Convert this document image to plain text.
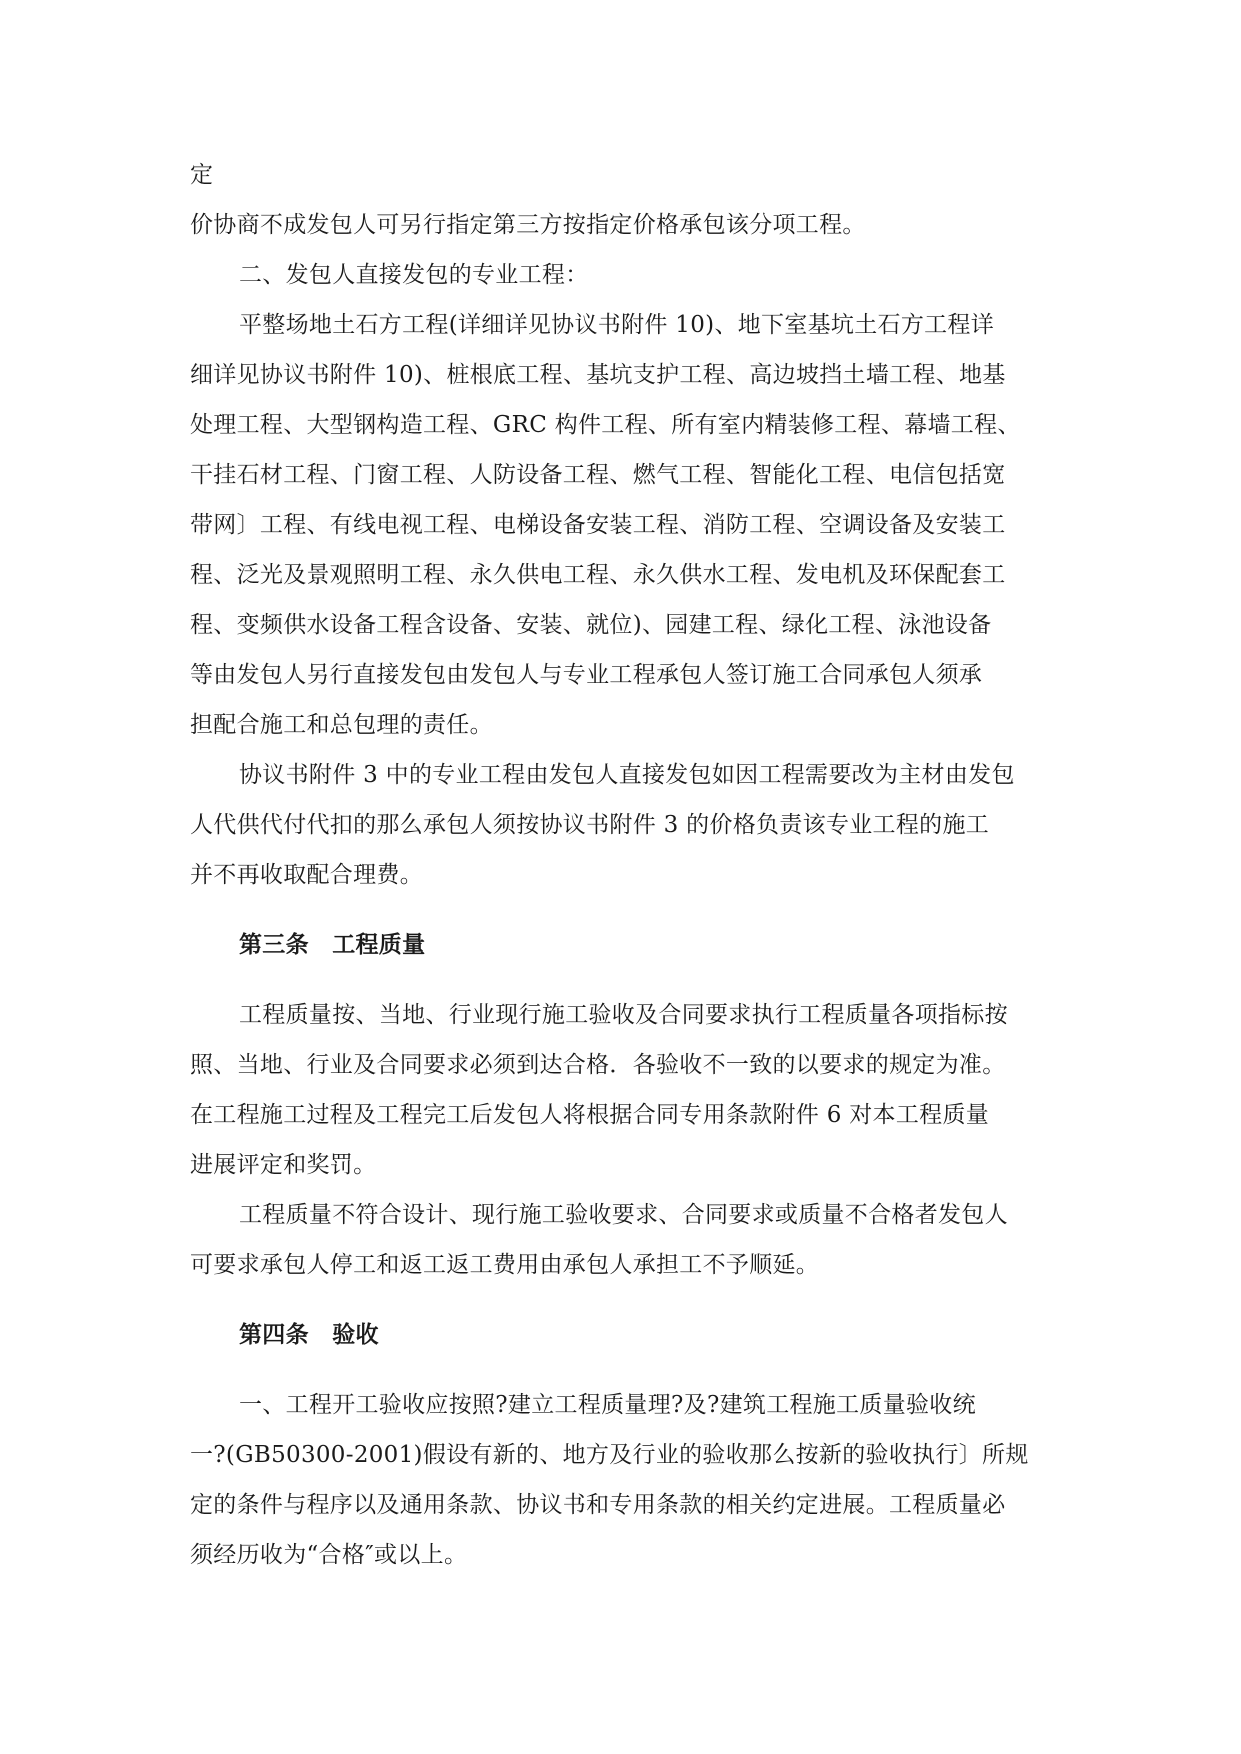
定
价协商不成发包人可另行指定第三方按指定价格承包该分项工程。
二、发包人直接发包的专业工程：
平整场地土石方工程(详细详见协议书附件 10)、地下室基坑土石方工程详
细详见协议书附件 10)、桩根底工程、基坑支护工程、高边坡挡土墙工程、地基
处理工程、大型钢构造工程、GRC 构件工程、所有室内精装修工程、幕墙工程、
干挂石材工程、门窗工程、人防设备工程、燃气工程、智能化工程、电信包括宽
带网〕工程、有线电视工程、电梯设备安装工程、消防工程、空调设备及安装工
程、泛光及景观照明工程、永久供电工程、永久供水工程、发电机及环保配套工
程、变频供水设备工程含设备、安装、就位)、园建工程、绿化工程、泳池设备
等由发包人另行直接发包由发包人与专业工程承包人签订施工合同承包人须承
担配合施工和总包理的责任。
协议书附件 3 中的专业工程由发包人直接发包如因工程需要改为主材由发包
人代供代付代扣的那么承包人须按协议书附件 3 的价格负责该专业工程的施工
并不再收取配合理费。
第三条　工程质量
工程质量按、当地、行业现行施工验收及合同要求执行工程质量各项指标按
照、当地、行业及合同要求必须到达合格．各验收不一致的以要求的规定为准。
在工程施工过程及工程完工后发包人将根据合同专用条款附件 6 对本工程质量
进展评定和奖罚。
工程质量不符合设计、现行施工验收要求、合同要求或质量不合格者发包人
可要求承包人停工和返工返工费用由承包人承担工不予顺延。
第四条　验收
一、工程开工验收应按照?建立工程质量理?及?建筑工程施工质量验收统
一?(GB50300-2001)假设有新的、地方及行业的验收那么按新的验收执行〕所规
定的条件与程序以及通用条款、协议书和专用条款的相关约定进展。工程质量必
须经历收为“合格″或以上。
